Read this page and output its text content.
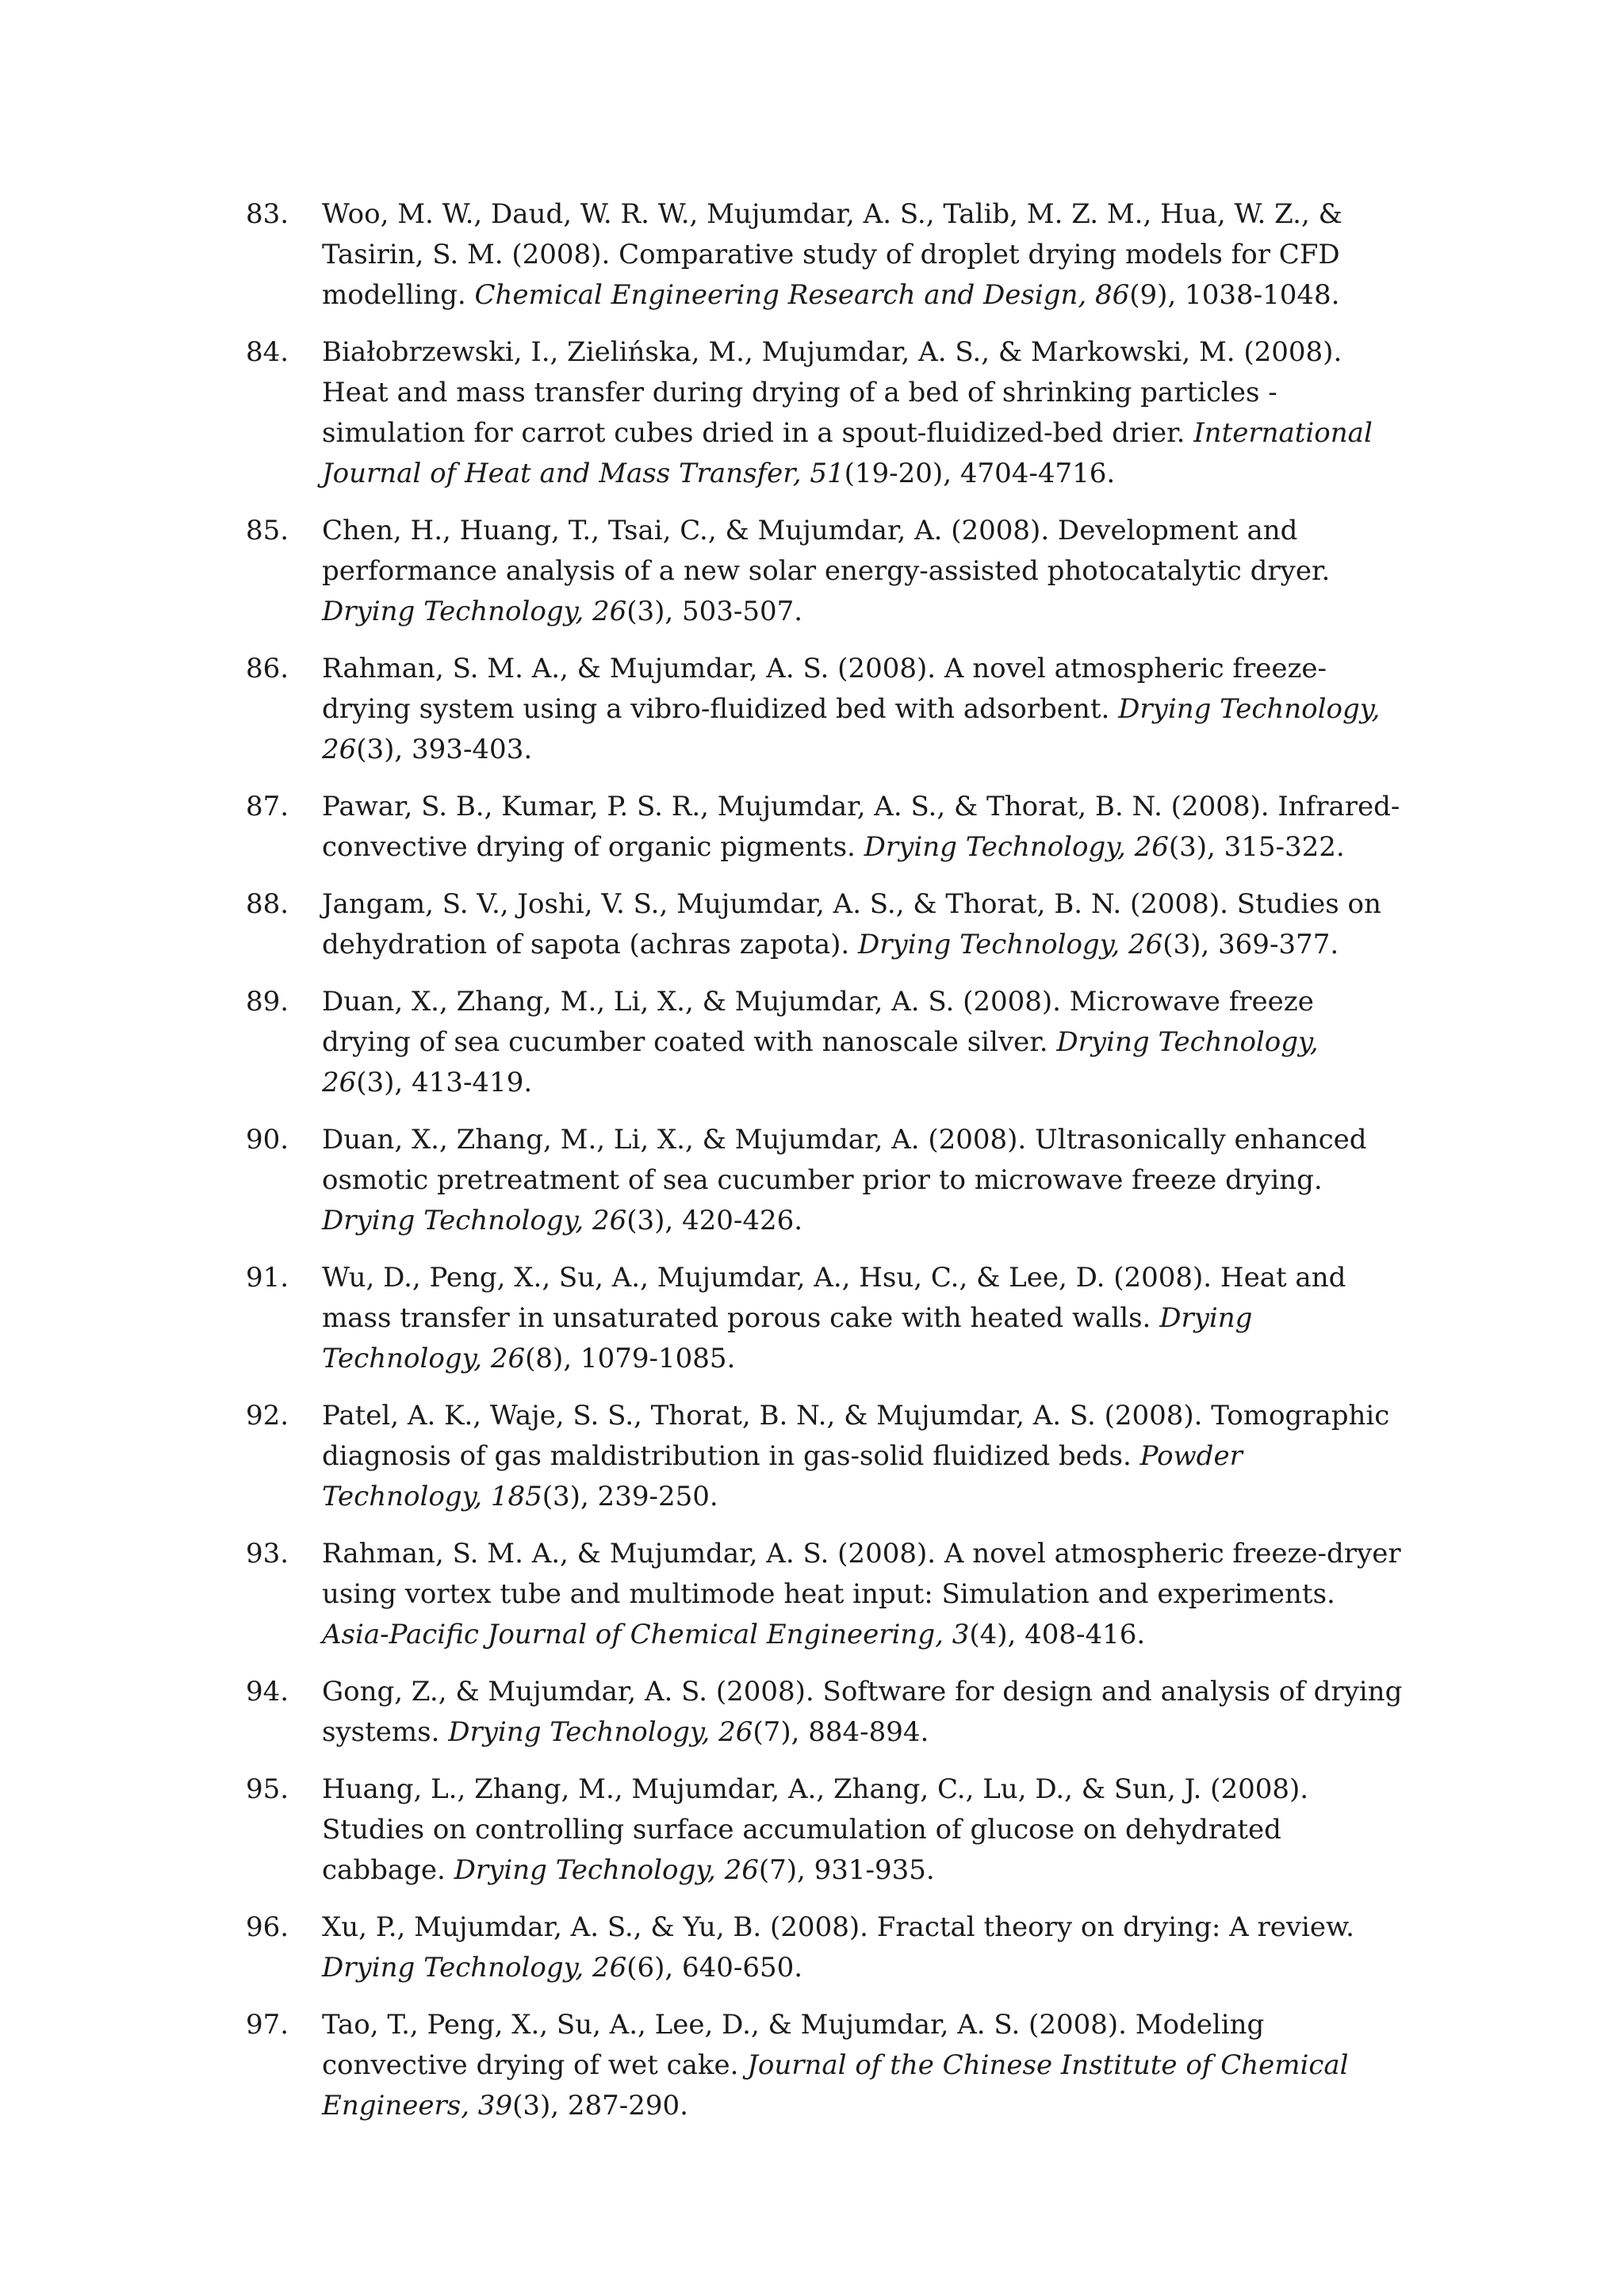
83.	Woo, M. W., Daud, W. R. W., Mujumdar, A. S., Talib, M. Z. M., Hua, W. Z., & Tasirin, S. M. (2008). Comparative study of droplet drying models for CFD modelling. Chemical Engineering Research and Design, 86(9), 1038-1048.
84.	Białobrzewski, I., Zielińska, M., Mujumdar, A. S., & Markowski, M. (2008). Heat and mass transfer during drying of a bed of shrinking particles - simulation for carrot cubes dried in a spout-fluidized-bed drier. International Journal of Heat and Mass Transfer, 51(19-20), 4704-4716.
85.	Chen, H., Huang, T., Tsai, C., & Mujumdar, A. (2008). Development and performance analysis of a new solar energy-assisted photocatalytic dryer. Drying Technology, 26(3), 503-507.
86.	Rahman, S. M. A., & Mujumdar, A. S. (2008). A novel atmospheric freeze-drying system using a vibro-fluidized bed with adsorbent. Drying Technology, 26(3), 393-403.
87.	Pawar, S. B., Kumar, P. S. R., Mujumdar, A. S., & Thorat, B. N. (2008). Infrared-convective drying of organic pigments. Drying Technology, 26(3), 315-322.
88.	Jangam, S. V., Joshi, V. S., Mujumdar, A. S., & Thorat, B. N. (2008). Studies on dehydration of sapota (achras zapota). Drying Technology, 26(3), 369-377.
89.	Duan, X., Zhang, M., Li, X., & Mujumdar, A. S. (2008). Microwave freeze drying of sea cucumber coated with nanoscale silver. Drying Technology, 26(3), 413-419.
90.	Duan, X., Zhang, M., Li, X., & Mujumdar, A. (2008). Ultrasonically enhanced osmotic pretreatment of sea cucumber prior to microwave freeze drying. Drying Technology, 26(3), 420-426.
91.	Wu, D., Peng, X., Su, A., Mujumdar, A., Hsu, C., & Lee, D. (2008). Heat and mass transfer in unsaturated porous cake with heated walls. Drying Technology, 26(8), 1079-1085.
92.	Patel, A. K., Waje, S. S., Thorat, B. N., & Mujumdar, A. S. (2008). Tomographic diagnosis of gas maldistribution in gas-solid fluidized beds. Powder Technology, 185(3), 239-250.
93.	Rahman, S. M. A., & Mujumdar, A. S. (2008). A novel atmospheric freeze-dryer using vortex tube and multimode heat input: Simulation and experiments. Asia-Pacific Journal of Chemical Engineering, 3(4), 408-416.
94.	Gong, Z., & Mujumdar, A. S. (2008). Software for design and analysis of drying systems. Drying Technology, 26(7), 884-894.
95.	Huang, L., Zhang, M., Mujumdar, A., Zhang, C., Lu, D., & Sun, J. (2008). Studies on controlling surface accumulation of glucose on dehydrated cabbage. Drying Technology, 26(7), 931-935.
96.	Xu, P., Mujumdar, A. S., & Yu, B. (2008). Fractal theory on drying: A review. Drying Technology, 26(6), 640-650.
97.	Tao, T., Peng, X., Su, A., Lee, D., & Mujumdar, A. S. (2008). Modeling convective drying of wet cake. Journal of the Chinese Institute of Chemical Engineers, 39(3), 287-290.
